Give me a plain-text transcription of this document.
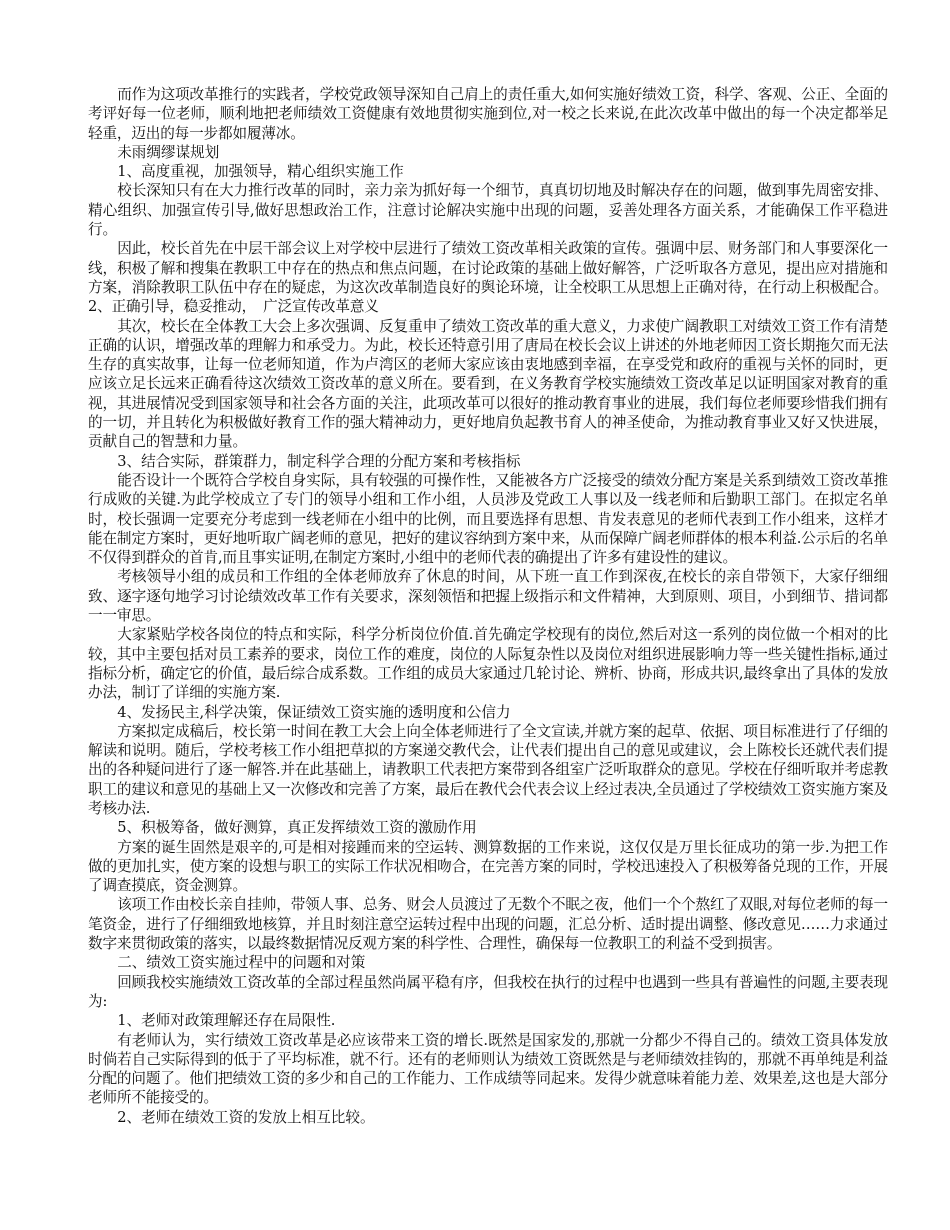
而作为这项改革推行的实践者，学校党政领导深知自己肩上的责任重大,如何实施好绩效工资，科学、客观、公正、全面的考评好每一位老师，顺利地把老师绩效工资健康有效地贯彻实施到位,对一校之长来说,在此次改革中做出的每一个决定都举足轻重，迈出的每一步都如履薄冰。

未雨绸缪谋规划

1、高度重视，加强领导，精心组织实施工作

校长深知只有在大力推行改革的同时，亲力亲为抓好每一个细节，真真切切地及时解决存在的问题，做到事先周密安排、精心组织、加强宣传引导,做好思想政治工作，注意讨论解决实施中出现的问题，妥善处理各方面关系，才能确保工作平稳进行。

因此，校长首先在中层干部会议上对学校中层进行了绩效工资改革相关政策的宣传。强调中层、财务部门和人事要深化一线，积极了解和搜集在教职工中存在的热点和焦点问题，在讨论政策的基础上做好解答，广泛听取各方意见，提出应对措施和方案，消除教职工队伍中存在的疑虑，为这次改革制造良好的舆论环境，让全校职工从思想上正确对待，在行动上积极配合。2、正确引导，稳妥推动，　广泛宣传改革意义

其次，校长在全体教工大会上多次强调、反复重申了绩效工资改革的重大意义，力求使广阔教职工对绩效工资工作有清楚正确的认识，增强改革的理解力和承受力。为此，校长还特意引用了唐局在校长会议上讲述的外地老师因工资长期拖欠而无法生存的真实故事，让每一位老师知道，作为卢湾区的老师大家应该由衷地感到幸福，在享受党和政府的重视与关怀的同时，更应该立足长远来正确看待这次绩效工资改革的意义所在。要看到，在义务教育学校实施绩效工资改革足以证明国家对教育的重视，其进展情况受到国家领导和社会各方面的关注，此项改革可以很好的推动教育事业的进展，我们每位老师要珍惜我们拥有的一切，并且转化为积极做好教育工作的强大精神动力，更好地肩负起教书育人的神圣使命，为推动教育事业又好又快进展，贡献自己的智慧和力量。

3、结合实际，群策群力，制定科学合理的分配方案和考核指标

能否设计一个既符合学校自身实际，具有较强的可操作性，又能被各方广泛接受的绩效分配方案是关系到绩效工资改革推行成败的关键.为此学校成立了专门的领导小组和工作小组，人员涉及党政工人事以及一线老师和后勤职工部门。在拟定名单时，校长强调一定要充分考虑到一线老师在小组中的比例，而且要选择有思想、肯发表意见的老师代表到工作小组来，这样才能在制定方案时，更好地听取广阔老师的意见，把好的建议容纳到方案中来，从而保障广阔老师群体的根本利益.公示后的名单不仅得到群众的首肯,而且事实证明,在制定方案时,小组中的老师代表的确提出了许多有建设性的建议。

考核领导小组的成员和工作组的全体老师放弃了休息的时间，从下班一直工作到深夜,在校长的亲自带领下，大家仔细细致、逐字逐句地学习讨论绩效改革工作有关要求，深刻领悟和把握上级指示和文件精神，大到原则、项目，小到细节、措词都一一审思。

大家紧贴学校各岗位的特点和实际，科学分析岗位价值.首先确定学校现有的岗位,然后对这一系列的岗位做一个相对的比较，其中主要包括对员工素养的要求，岗位工作的难度，岗位的人际复杂性以及岗位对组织进展影响力等一些关键性指标,通过指标分析，确定它的价值，最后综合成系数。工作组的成员大家通过几轮讨论、辨析、协商，形成共识,最终拿出了具体的发放办法，制订了详细的实施方案.

4、发扬民主,科学决策，保证绩效工资实施的透明度和公信力

方案拟定成稿后，校长第一时间在教工大会上向全体老师进行了全文宣读,并就方案的起草、依据、项目标准进行了仔细的解读和说明。随后，学校考核工作小组把草拟的方案递交教代会，让代表们提出自己的意见或建议，会上陈校长还就代表们提出的各种疑问进行了逐一解答.并在此基础上，请教职工代表把方案带到各组室广泛听取群众的意见。学校在仔细听取并考虑教职工的建议和意见的基础上又一次修改和完善了方案，最后在教代会代表会议上经过表决,全员通过了学校绩效工资实施方案及考核办法.

5、积极筹备，做好测算，真正发挥绩效工资的激励作用

方案的诞生固然是艰辛的,可是相对接踵而来的空运转、测算数据的工作来说，这仅仅是万里长征成功的第一步.为把工作做的更加扎实，使方案的设想与职工的实际工作状况相吻合，在完善方案的同时，学校迅速投入了积极筹备兑现的工作，开展了调查摸底，资金测算。

该项工作由校长亲自挂帅，带领人事、总务、财会人员渡过了无数个不眠之夜，他们一个个熬红了双眼,对每位老师的每一笔资金，进行了仔细细致地核算，并且时刻注意空运转过程中出现的问题，汇总分析、适时提出调整、修改意见……力求通过数字来贯彻政策的落实，以最终数据情况反观方案的科学性、合理性，确保每一位教职工的利益不受到损害。

二、绩效工资实施过程中的问题和对策

回顾我校实施绩效工资改革的全部过程虽然尚属平稳有序，但我校在执行的过程中也遇到一些具有普遍性的问题,主要表现为:

1、老师对政策理解还存在局限性.

有老师认为，实行绩效工资改革是必应该带来工资的增长.既然是国家发的,那就一分都少不得自己的。绩效工资具体发放时倘若自己实际得到的低于了平均标准，就不行。还有的老师则认为绩效工资既然是与老师绩效挂钩的，那就不再单纯是利益分配的问题了。他们把绩效工资的多少和自己的工作能力、工作成绩等同起来。发得少就意味着能力差、效果差,这也是大部分老师所不能接受的。

2、老师在绩效工资的发放上相互比较。
